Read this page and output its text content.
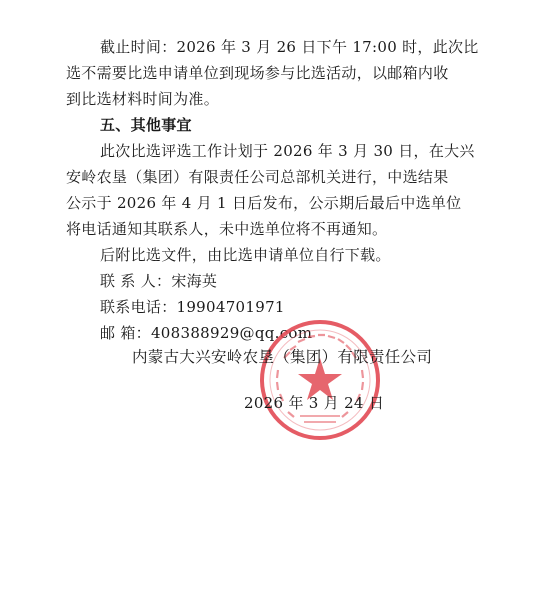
截止时间：2026 年 3 月 26 日下午 17:00 时，此次比
选不需要比选申请单位到现场参与比选活动，以邮箱内收
到比选材料时间为准。
五、其他事宜
此次比选评选工作计划于 2026 年 3 月 30 日，在大兴
安岭农垦（集团）有限责任公司总部机关进行，中选结果
公示于 2026 年 4 月 1 日后发布，公示期后最后中选单位
将电话通知其联系人，未中选单位将不再通知。
后附比选文件，由比选申请单位自行下载。
联 系 人：宋海英
联系电话：19904701971
邮 箱：408388929@qq.com
内蒙古大兴安岭农垦（集团）有限责任公司
2026 年 3 月 24 日
